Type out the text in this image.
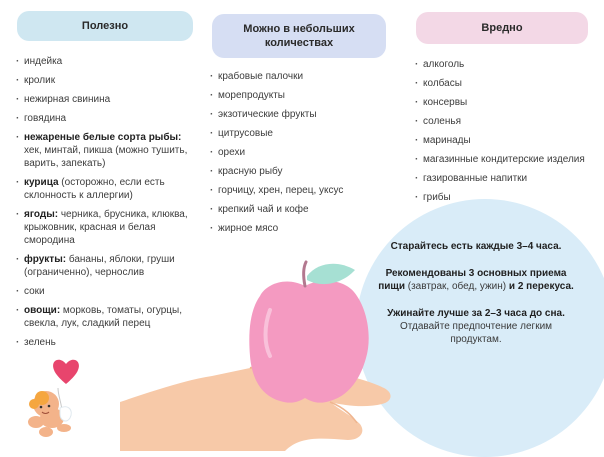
Полезно	Можно в небольших количествах
Вредно
· индейка
· кролик
· нежирная свинина
· говядина
· нежареные белые сорта рыбы: хек, минтай, пикша (можно тушить, варить, запекать)
· курица (осторожно, если есть склонность к аллергии)
· ягоды: черника, брусника, клюква, крыжовник, красная и белая смородина
· фрукты: бананы, яблоки, груши (ограниченно), чернослив
· соки
· овощи: морковь, томаты, огурцы, свекла, лук, сладкий перец
· зелень
· крабовые палочки
· морепродукты
· экзотические фрукты
· цитрусовые
· орехи
· красную рыбу
· горчицу, хрен, перец, уксус
· крепкий чай и кофе
· жирное мясо
· алкоголь
· колбасы
· консервы
· соленья
· маринады
· магазинные кондитерские изделия
· газированные напитки
· грибы

Старайтесь есть каждые 3–4 часа.

Рекомендованы 3 основных приема пищи (завтрак, обед, ужин) и 2 перекуса.

Ужинайте лучше за 2–3 часа до сна. Отдавайте предпочтение легким продуктам.
